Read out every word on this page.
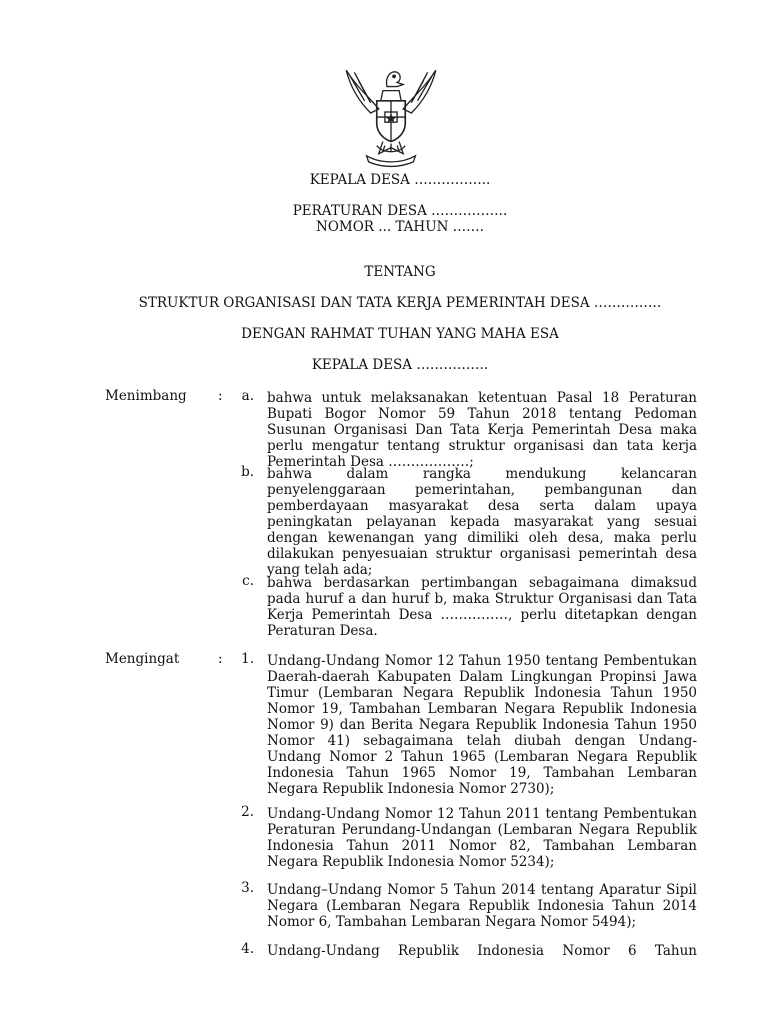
KEPALA DESA ……………..
PERATURAN DESA ……………..
NOMOR ... TAHUN …….
TENTANG
STRUKTUR ORGANISASI DAN TATA KERJA PEMERINTAH DESA ……………
DENGAN RAHMAT TUHAN YANG MAHA ESA
KEPALA DESA …………….
Menimbang :	a. bahwa untuk melaksanakan ketentuan Pasal 18 Peraturan Bupati Bogor Nomor 59 Tahun 2018 tentang Pedoman Susunan Organisasi Dan Tata Kerja Pemerintah Desa maka perlu mengatur tentang struktur organisasi dan tata kerja Pemerintah Desa ………………;
b. bahwa dalam rangka mendukung kelancaran penyelenggaraan pemerintahan, pembangunan dan pemberdayaan masyarakat desa serta dalam upaya peningkatan pelayanan kepada masyarakat yang sesuai dengan kewenangan yang dimiliki oleh desa, maka perlu dilakukan penyesuaian struktur organisasi pemerintah desa yang telah ada;
c. bahwa berdasarkan pertimbangan sebagaimana dimaksud pada huruf a dan huruf b, maka Struktur Organisasi dan Tata Kerja Pemerintah Desa ……………, perlu ditetapkan dengan Peraturan Desa.
Mengingat	:	1. Undang-Undang Nomor 12 Tahun 1950 tentang Pembentukan Daerah-daerah Kabupaten Dalam Lingkungan Propinsi Jawa Timur (Lembaran Negara Republik Indonesia Tahun 1950 Nomor 19, Tambahan Lembaran Negara Republik Indonesia Nomor 9) dan Berita Negara Republik Indonesia Tahun 1950 Nomor 41) sebagaimana telah diubah dengan Undang-Undang Nomor 2 Tahun 1965 (Lembaran Negara Republik Indonesia Tahun 1965 Nomor 19, Tambahan Lembaran Negara Republik Indonesia Nomor 2730);
2. Undang-Undang Nomor 12 Tahun 2011 tentang Pembentukan Peraturan Perundang-Undangan (Lembaran Negara Republik Indonesia Tahun 2011 Nomor 82, Tambahan Lembaran Negara Republik Indonesia Nomor 5234);
3. Undang–Undang Nomor 5 Tahun 2014 tentang Aparatur Sipil Negara (Lembaran Negara Republik Indonesia Tahun 2014 Nomor 6, Tambahan Lembaran Negara Nomor 5494);
4. Undang-Undang Republik Indonesia Nomor 6 Tahun
